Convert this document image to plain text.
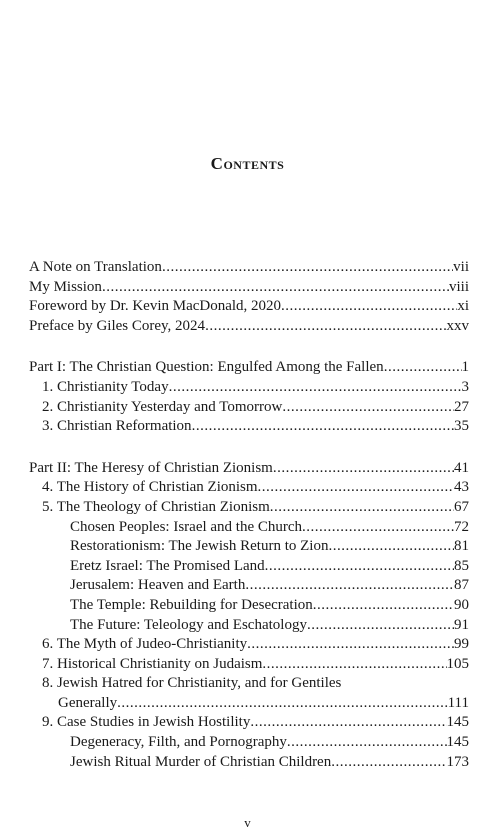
Contents
A Note on Translation .....	vii
My Mission .....	viii
Foreword by Dr. Kevin MacDonald, 2020 .....	xi
Preface by Giles Corey, 2024 .....	xxv
Part I: The Christian Question: Engulfed Among the Fallen .....	1
1. Christianity Today .....	3
2. Christianity Yesterday and Tomorrow .....	27
3. Christian Reformation .....	35
Part II: The Heresy of Christian Zionism .....	41
4. The History of Christian Zionism .....	43
5. The Theology of Christian Zionism .....	67
Chosen Peoples: Israel and the Church .....	72
Restorationism: The Jewish Return to Zion .....	81
Eretz Israel: The Promised Land .....	85
Jerusalem: Heaven and Earth .....	87
The Temple: Rebuilding for Desecration .....	90
The Future: Teleology and Eschatology .....	91
6. The Myth of Judeo-Christianity .....	99
7. Historical Christianity on Judaism .....	105
8. Jewish Hatred for Christianity, and for Gentiles
Generally .....	111
9. Case Studies in Jewish Hostility .....	145
Degeneracy, Filth, and Pornography .....	145
Jewish Ritual Murder of Christian Children .....	173
v
